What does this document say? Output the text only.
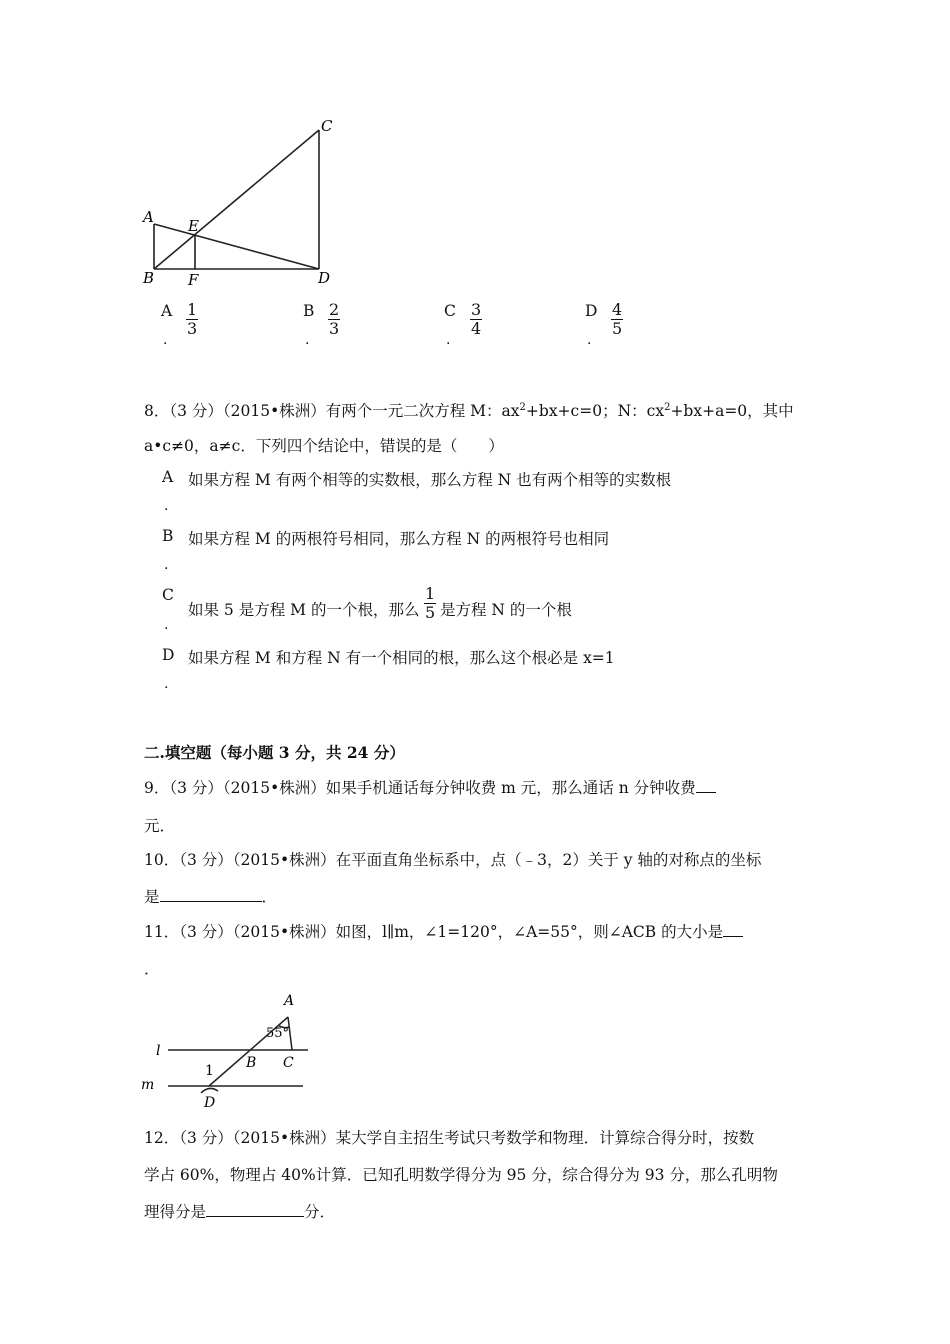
A
B
C
D
E
F
A
.
$\frac{1}{3}$	B
.
$\frac{2}{3}$	C
.
$\frac{3}{4}$	D
.
$\frac{4}{5}$
8．（3 分）（2015•株洲）有两个一元二次方程 M：$ax^2+bx+c=0$；N：$cx^2+bx+a=0$，其中
a•c≠0，a≠c．下列四个结论中，错误的是（　　）
A
.
如果方程 M 有两个相等的实数根，那么方程 N 也有两个相等的实数根
B
.
如果方程 M 的两根符号相同，那么方程 N 的两根符号也相同
C
.
如果 5 是方程 M 的一个根，那么 $\frac{1}{5}$ 是方程 N 的一个根
D
.
如果方程 M 和方程 N 有一个相同的根，那么这个根必是 x=1
二.填空题（每小题 3 分，共 24 分）
9．（3 分）（2015•株洲）如果手机通话每分钟收费 m 元，那么通话 n 分钟收费
元．
10．（3 分）（2015•株洲）在平面直角坐标系中，点（﹣3，2）关于 y 轴的对称点的坐标
是	．
11．（3 分）（2015•株洲）如图，l∥m，∠1=120°，∠A=55°，则∠ACB 的大小是
．
A
55°
l
m
B C
1
D
12．（3 分）（2015•株洲）某大学自主招生考试只考数学和物理．计算综合得分时，按数
学占 60%，物理占 40%计算．已知孔明数学得分为 95 分，综合得分为 93 分，那么孔明物
理得分是	分．
